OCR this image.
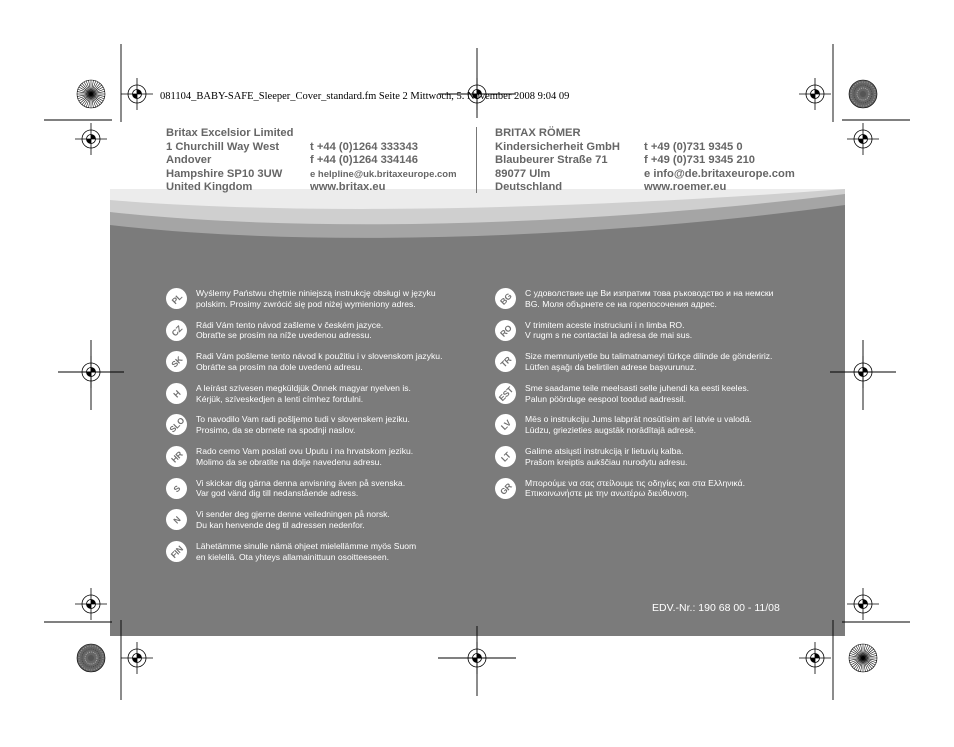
081104_BABY-SAFE_Sleeper_Cover_standard.fm Seite 2 Mittwoch, 5. November 2008 9:04 09
Britax Excelsior Limited
1 Churchill Way West
Andover
Hampshire SP10 3UW
United Kingdom
t +44 (0)1264 333343
f +44 (0)1264 334146
e helpline@uk.britaxeurope.com
www.britax.eu
BRITAX RÖMER
Kindersicherheit GmbH
Blaubeurer Straße 71
89077 Ulm
Deutschland
t +49 (0)731 9345 0
f +49 (0)731 9345 210
e info@de.britaxeurope.com
www.roemer.eu
PL Wyślemy Państwu chętnie niniejszą instrukcję obsługi w języku
polskim. Prosimy zwrócić się pod niżej wymieniony adres.
CZ Rádi Vám tento návod zašleme v českém jazyce.
Obraťte se prosím na níže uvedenou adressu.
SK Radi Vám pošleme tento návod k použitiu i v slovenskom jazyku.
Obráťte sa prosím na dole uvedenú adresu.
H A leírást szívesen megküldjük Önnek magyar nyelven is.
Kérjük, szíveskedjen a lenti címhez fordulni.
SLO To navodilo Vam radi pošljemo tudi v slovenskem jeziku.
Prosimo, da se obrnete na spodnji naslov.
HR Rado cemo Vam poslati ovu Uputu i na hrvatskom jeziku.
Molimo da se obratite na dolje navedenu adresu.
S
Vi skickar dig gärna denna anvisning även på svenska.
Var god vänd dig till nedanstående adress.
N Vi sender deg gjerne denne veiledningen på norsk.
Du kan henvende deg til adressen nedenfor.
FIN Lähetämme sinulle nämä ohjeet mielellämme myös Suom
en kielellä. Ota yhteys allamainittuun osoitteeseen.
BG С удоволствие ще Ви изпратим това ръководство и на немски
BG. Моля обърнете се на горепосочения адрес.
RO V trimitem aceste instruciuni i n limba RO.
V rugm s ne contactai la adresa de mai sus.
TR Size memnuniyetle bu talimatnameyi türkçe dilinde de göndeririz.
Lütfen aşağı da belirtilen adrese başvurunuz.
EST Sme saadame teile meelsasti selle juhendi ka eesti keeles.
Palun pöörduge eespool toodud aadressil.
LV Mēs o instrukciju Jums labprāt nosūtīsim arī latvie u valodā.
Lūdzu, griezieties augstāk norādītajā adresē.
LT Galime atsiųsti instrukciją ir lietuvių kalba.
Prašom kreiptis aukščiau nurodytu adresu.
GR Μπορούμε να σας στείλουμε τις οδηγίες και στα Ελληνικά.
Επικοινωνήστε με την ανωτέρω διεύθυνση.
EDV.-Nr.: 190 68 00 - 11/08
